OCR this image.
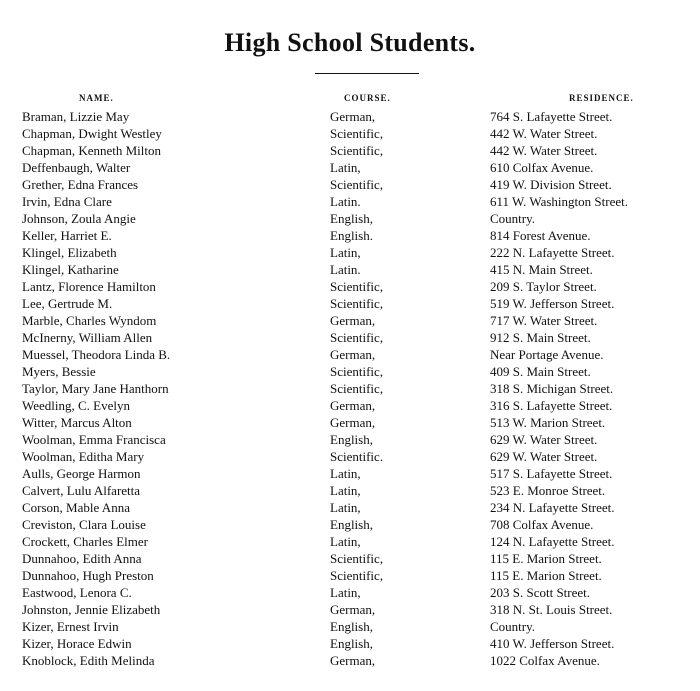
High School Students.
NAME.	COURSE.	RESIDENCE.
Braman, Lizzie May	German,	764 S. Lafayette Street.
Chapman, Dwight Westley	Scientific,	442 W. Water Street.
Chapman, Kenneth Milton	Scientific,	442 W. Water Street.
Deffenbaugh, Walter	Latin,	610 Colfax Avenue.
Grether, Edna Frances	Scientific,	419 W. Division Street.
Irvin, Edna Clare	Latin.	611 W. Washington Street.
Johnson, Zoula Angie	English,	Country.
Keller, Harriet E.	English.	814 Forest Avenue.
Klingel, Elizabeth	Latin,	222 N. Lafayette Street.
Klingel, Katharine	Latin.	415 N. Main Street.
Lantz, Florence Hamilton	Scientific,	209 S. Taylor Street.
Lee, Gertrude M.	Scientific,	519 W. Jefferson Street.
Marble, Charles Wyndom	German,	717 W. Water Street.
McInerny, William Allen	Scientific,	912 S. Main Street.
Muessel, Theodora Linda B.	German,	Near Portage Avenue.
Myers, Bessie	Scientific,	409 S. Main Street.
Taylor, Mary Jane Hanthorn	Scientific,	318 S. Michigan Street.
Weedling, C. Evelyn	German,	316 S. Lafayette Street.
Witter, Marcus Alton	German,	513 W. Marion Street.
Woolman, Emma Francisca	English,	629 W. Water Street.
Woolman, Editha Mary	Scientific.	629 W. Water Street.
Aulls, George Harmon	Latin,	517 S. Lafayette Street.
Calvert, Lulu Alfaretta	Latin,	523 E. Monroe Street.
Corson, Mable Anna	Latin,	234 N. Lafayette Street.
Creviston, Clara Louise	English,	708 Colfax Avenue.
Crockett, Charles Elmer	Latin,	124 N. Lafayette Street.
Dunnahoo, Edith Anna	Scientific,	115 E. Marion Street.
Dunnahoo, Hugh Preston	Scientific,	115 E. Marion Street.
Eastwood, Lenora C.	Latin,	203 S. Scott Street.
Johnston, Jennie Elizabeth	German,	318 N. St. Louis Street.
Kizer, Ernest Irvin	English,	Country.
Kizer, Horace Edwin	English,	410 W. Jefferson Street.
Knoblock, Edith Melinda	German,	1022 Colfax Avenue.
